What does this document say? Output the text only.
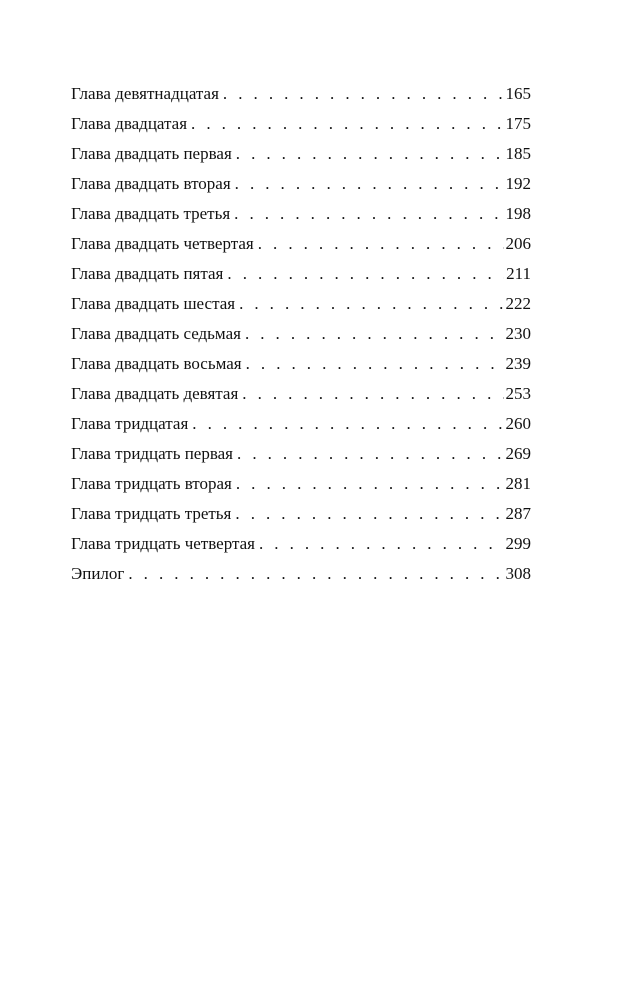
Глава девятнадцатая . . .	165
Глава двадцатая . . .	175
Глава двадцать первая . . .	185
Глава двадцать вторая . . .	192
Глава двадцать третья . . .	198
Глава двадцать четвертая . . .	206
Глава двадцать пятая . . .	211
Глава двадцать шестая . . .	222
Глава двадцать седьмая . . .	230
Глава двадцать восьмая . . .	239
Глава двадцать девятая . . .	253
Глава тридцатая . . .	260
Глава тридцать первая . . .	269
Глава тридцать вторая . . .	281
Глава тридцать третья . . .	287
Глава тридцать четвертая . . .	299
Эпилог . . .	308
